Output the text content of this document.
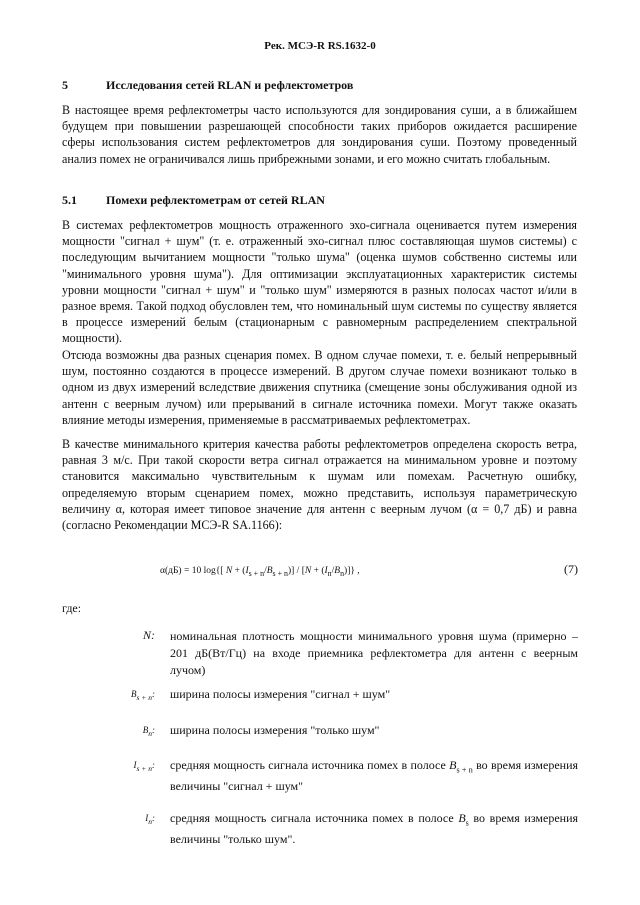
Рек. МСЭ-R RS.1632-0
5	Исследования сетей RLAN и рефлектометров

В настоящее время рефлектометры часто используются для зондирования суши, а в ближайшем будущем при повышении разрешающей способности таких приборов ожидается расширение сферы использования систем рефлектометров для зондирования суши. Поэтому проведенный анализ помех не ограничивался лишь прибрежными зонами, и его можно считать глобальным.

5.1 Помехи рефлектометрам от сетей RLAN

В системах рефлектометров мощность отраженного эхо-сигнала оценивается путем измерения мощности "сигнал + шум" (т. е. отраженный эхо-сигнал плюс составляющая шумов системы) с последующим вычитанием мощности "только шума" (оценка шумов собственно системы или "минимального уровня шума"). Для оптимизации эксплуатационных характеристик системы уровни мощности "сигнал + шум" и "только шум" измеряются в разных полосах частот и/или в разное время. Такой подход обусловлен тем, что номинальный шум системы по существу является в процессе измерений белым (стационарным с равномерным распределением спектральной мощности).

Отсюда возможны два разных сценария помех. В одном случае помехи, т. е. белый непрерывный шум, постоянно создаются в процессе измерений. В другом случае помехи возникают только в одном из двух измерений вследствие движения спутника (смещение зоны обслуживания одной из антенн с веерным лучом) или прерываний в сигнале источника помехи. Могут также оказать влияние методы измерения, применяемые в рассматриваемых рефлектометрах.

В качестве минимального критерия качества работы рефлектометров определена скорость ветра, равная 3 м/с. При такой скорости ветра сигнал отражается на минимальном уровне и поэтому становится максимально чувствительным к шумам или помехам. Расчетную ошибку, определяемую вторым сценарием помех, можно представить, используя параметрическую величину α, которая имеет типовое значение для антенн с веерным лучом (α = 0,7 дБ) и равна (согласно Рекомендации МСЭ-R SA.1166):

α(дБ) = 10 log{[ $N + (I_{s + n}/B_{s + n})] / [N + (I_n/B_n)]$} ,	(7)
где:
N: номинальная плотность мощности минимального уровня шума (примерно –201 дБ(Вт/Гц) на входе приемника рефлектометра для антенн с веерным лучом)

$B_{s + n}$: ширина полосы измерения "сигнал + шум"

$B_n$: ширина полосы измерения "только шум"

$I_{s + n}$: средняя мощность сигнала источника помех в полосе $B_{s + n}$ во время измерения величины "сигнал + шум"

$I_n$: средняя мощность сигнала источника помех в полосе $B_s$ во время измерения величины "только шум".
